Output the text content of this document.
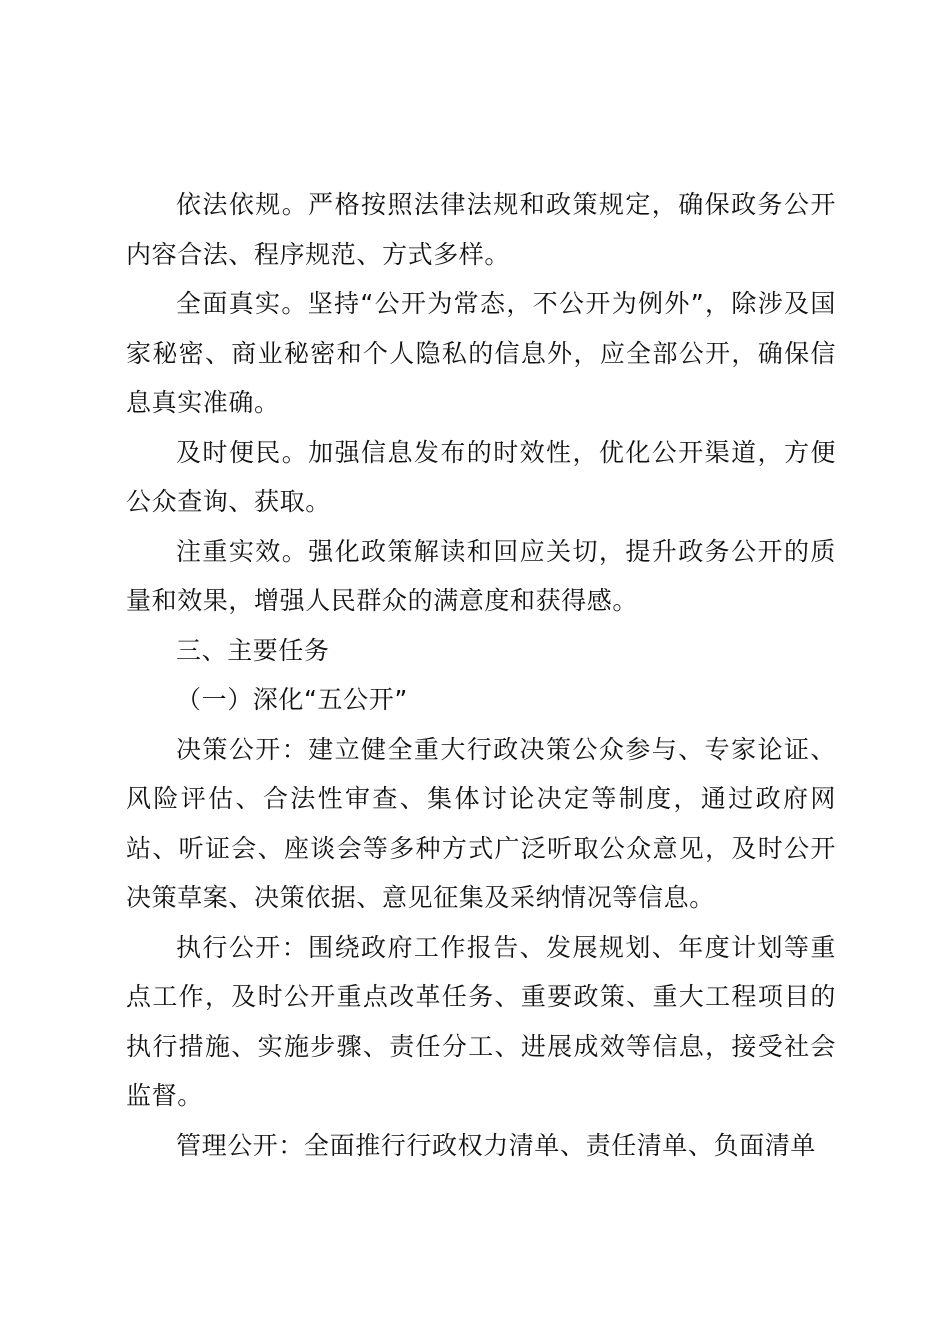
依法依规。严格按照法律法规和政策规定，确保政务公开内容合法、程序规范、方式多样。

全面真实。坚持“公开为常态，不公开为例外”，除涉及国家秘密、商业秘密和个人隐私的信息外，应全部公开，确保信息真实准确。

及时便民。加强信息发布的时效性，优化公开渠道，方便公众查询、获取。

注重实效。强化政策解读和回应关切，提升政务公开的质量和效果，增强人民群众的满意度和获得感。

三、主要任务

（一）深化“五公开”

决策公开：建立健全重大行政决策公众参与、专家论证、风险评估、合法性审查、集体讨论决定等制度，通过政府网站、听证会、座谈会等多种方式广泛听取公众意见，及时公开决策草案、决策依据、意见征集及采纳情况等信息。

执行公开：围绕政府工作报告、发展规划、年度计划等重点工作，及时公开重点改革任务、重要政策、重大工程项目的执行措施、实施步骤、责任分工、进展成效等信息，接受社会监督。

管理公开：全面推行行政权力清单、责任清单、负面清单
